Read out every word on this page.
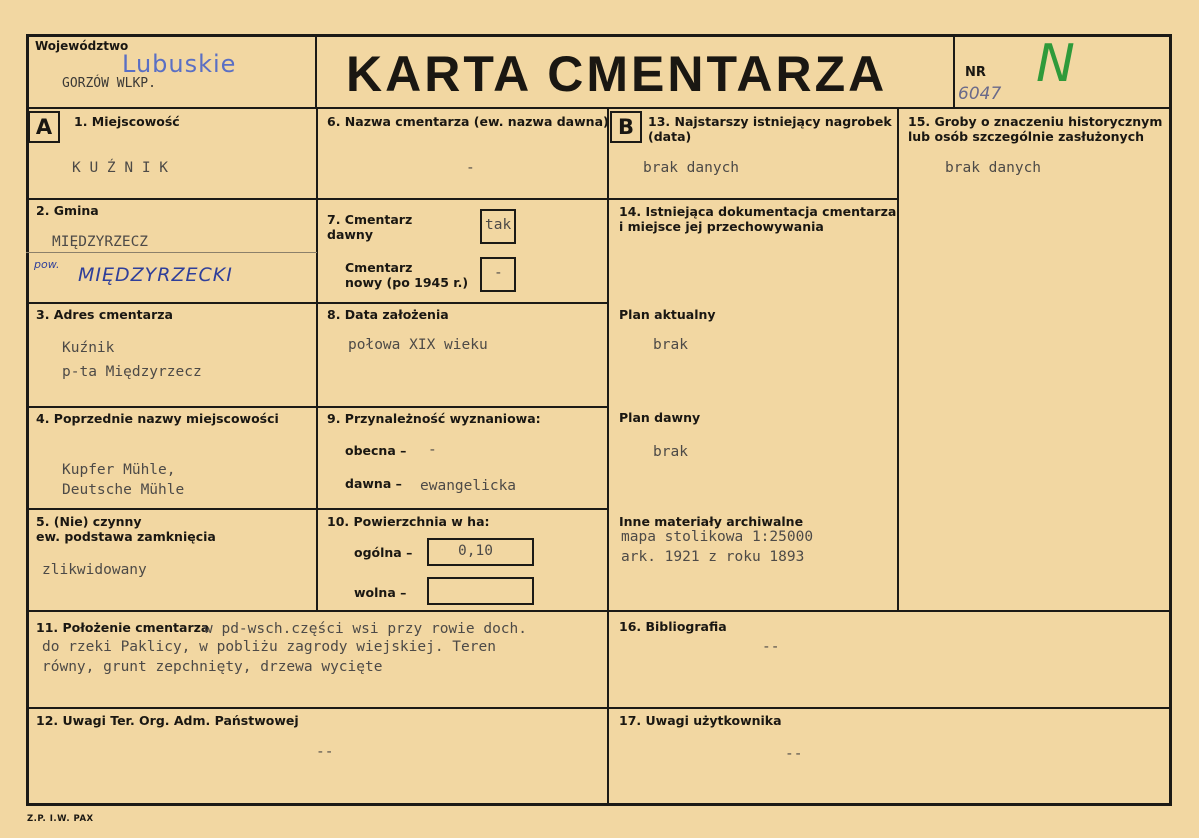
Województwo
Lubuskie
GORZÓW WLKP.	KARTA CMENTARZA	NR
6047 N
A	1. Miejscowość
K U Ź N I K
2. Gmina
MIĘDZYRZECZ
pow. MIĘDZYRZECKI
3. Adres cmentarza
Kuźnik
p-ta Międzyrzecz
4. Poprzednie nazwy miejscowości
Kupfer Mühle,
Deutsche Mühle
5. (Nie) czynny
ew. podstawa zamknięcia
zlikwidowany
6. Nazwa cmentarza (ew. nazwa dawna)
-
7. Cmentarz
dawny
tak
Cmentarz
nowy (po 1945 r.)
-
8. Data założenia
połowa XIX wieku
9. Przynależność wyznaniowa:
obecna – -
dawna – ewangelicka
10. Powierzchnia w ha:
ogólna –	0,10
wolna –
B	13. Najstarszy istniejący nagrobek
(data)
brak danych
15. Groby o znaczeniu historycznym
lub osób szczególnie zasłużonych
brak danych
14. Istniejąca dokumentacja cmentarza
i miejsce jej przechowywania
Plan aktualny
brak
Plan dawny
brak
Inne materiały archiwalne
mapa stolikowa 1:25000
ark. 1921 z roku 1893
11. Położenie cmentarza
w pd-wsch.części wsi przy rowie doch.
do rzeki Paklicy, w pobliżu zagrody wiejskiej. Teren
równy, grunt zepchnięty, drzewa wycięte
16. Bibliografia
--
12. Uwagi Ter. Org. Adm. Państwowej
--
17. Uwagi użytkownika
--
Z.P. I.W. PAX
